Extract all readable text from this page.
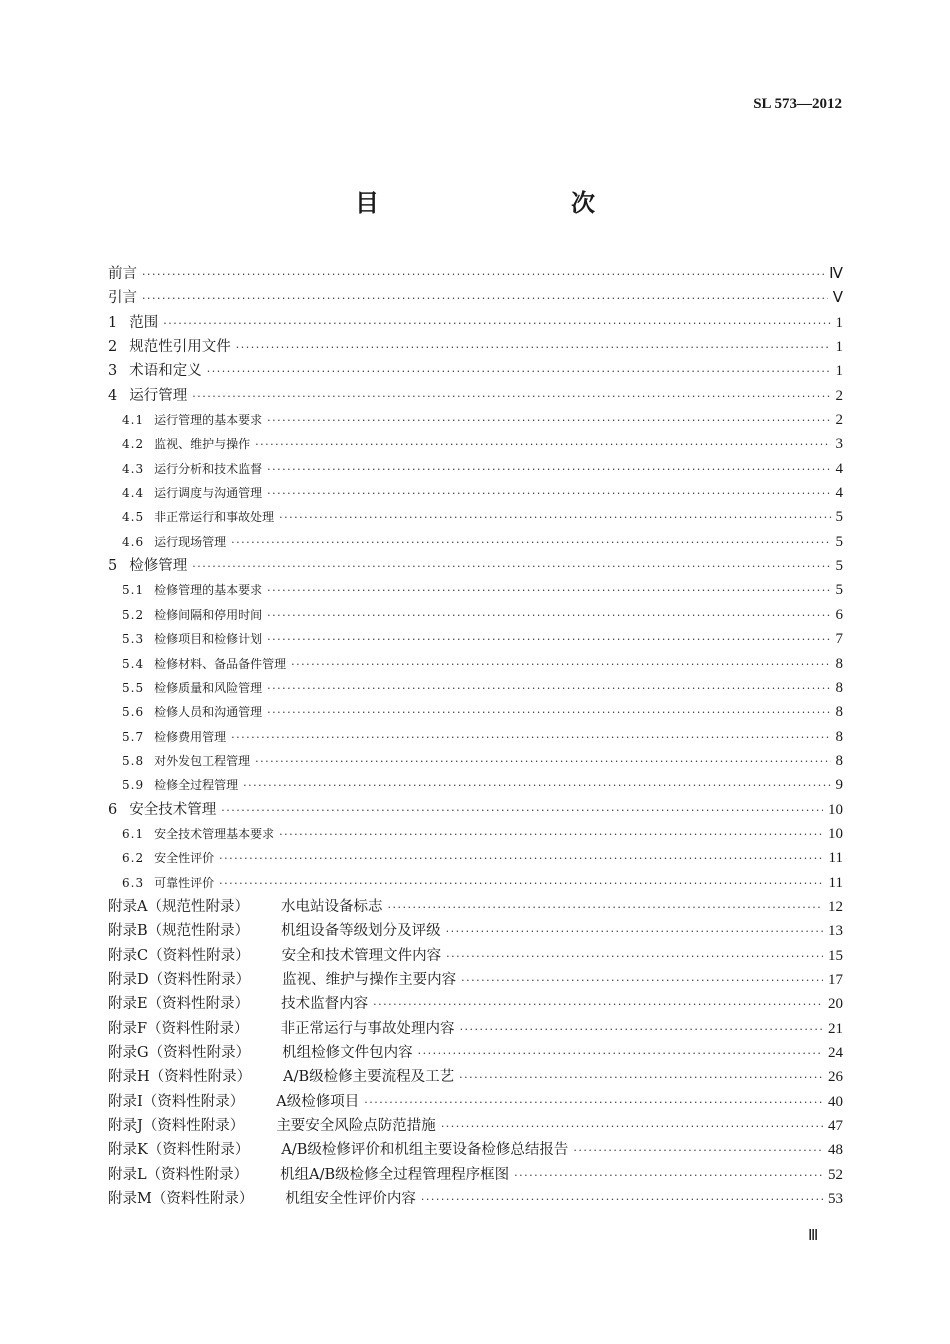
SL 573—2012
目　　次
前言 ·····	Ⅳ
引言 ·····	Ⅴ
1 范围 ·····	1
2 规范性引用文件 ·····	1
3 术语和定义 ·····	1
4 运行管理 ·····	2
4.1 运行管理的基本要求 ·····	2
4.2 监视、维护与操作 ·····	3
4.3 运行分析和技术监督 ·····	4
4.4 运行调度与沟通管理 ·····	4
4.5 非正常运行和事故处理 ·····	5
4.6 运行现场管理 ·····	5
5 检修管理 ·····	5
5.1 检修管理的基本要求 ·····	5
5.2 检修间隔和停用时间 ·····	6
5.3 检修项目和检修计划 ·····	7
5.4 检修材料、备品备件管理 ·····	8
5.5 检修质量和风险管理 ·····	8
5.6 检修人员和沟通管理 ·····	8
5.7 检修费用管理 ·····	8
5.8 对外发包工程管理 ·····	8
5.9 检修全过程管理 ·····	9
6 安全技术管理 ·····	10
6.1 安全技术管理基本要求 ·····	10
6.2 安全性评价 ·····	11
6.3 可靠性评价 ·····	11
附录A（规范性附录） 水电站设备标志 ·····	12
附录B（规范性附录） 机组设备等级划分及评级 ·····	13
附录C（资料性附录） 安全和技术管理文件内容 ·····	15
附录D（资料性附录） 监视、维护与操作主要内容 ·····	17
附录E（资料性附录） 技术监督内容 ·····	20
附录F（资料性附录） 非正常运行与事故处理内容 ·····	21
附录G（资料性附录） 机组检修文件包内容 ·····	24
附录H（资料性附录） A/B级检修主要流程及工艺 ·····	26
附录I（资料性附录） A级检修项目 ·····	40
附录J（资料性附录） 主要安全风险点防范措施 ·····	47
附录K（资料性附录） A/B级检修评价和机组主要设备检修总结报告 ·····	48
附录L（资料性附录） 机组A/B级检修全过程管理程序框图 ·····	52
附录M（资料性附录） 机组安全性评价内容 ·····	53
Ⅲ
